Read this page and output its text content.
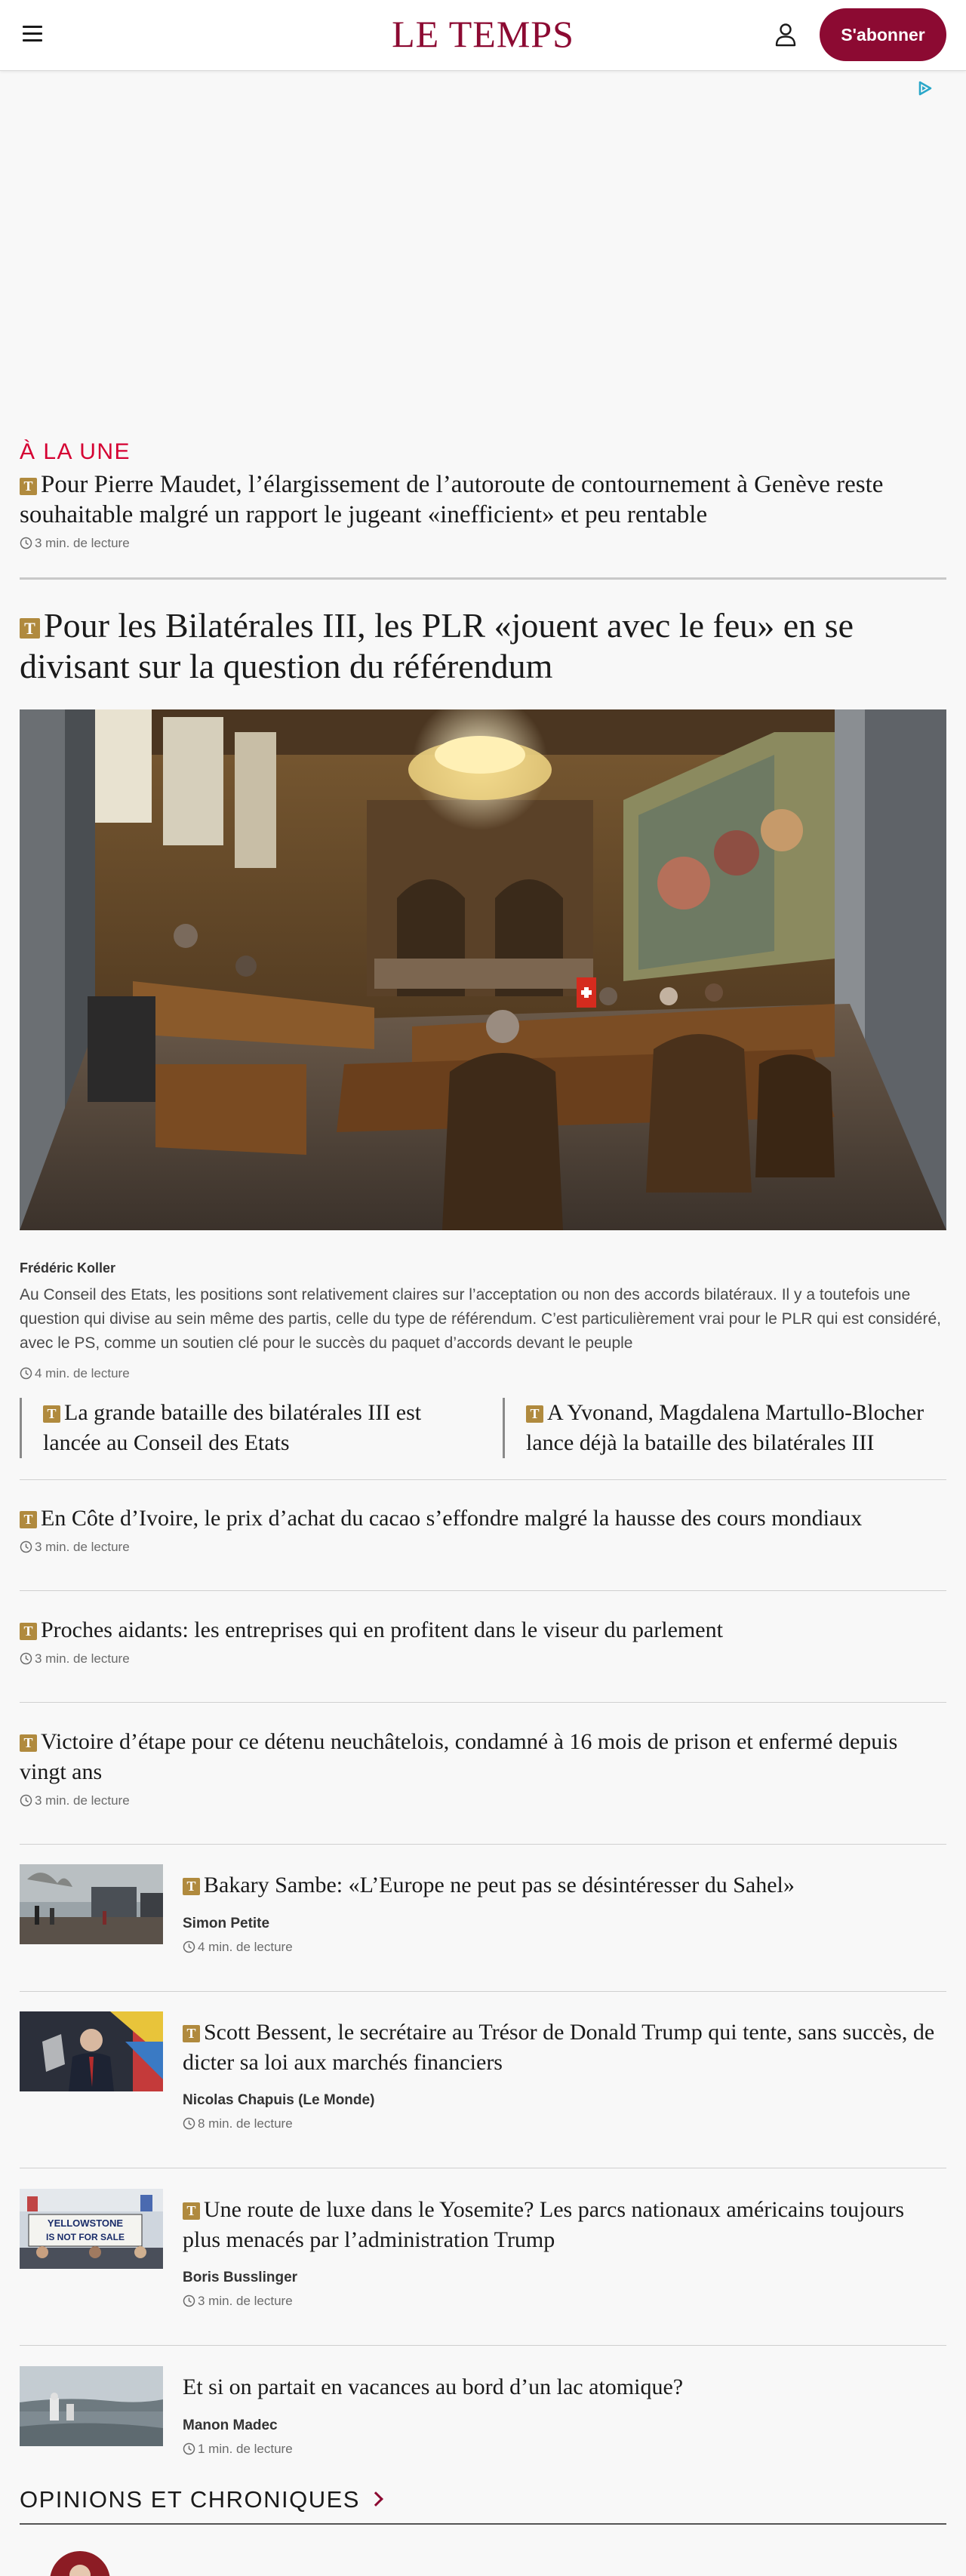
LE TEMPS	S'abonner
À LA UNE
T Pour Pierre Maudet, l’élargissement de l’autoroute de contournement à Genève reste souhaitable malgré un rapport le jugeant «inefficient» et peu rentable
3 min. de lecture
T Pour les Bilatérales III, les PLR «jouent avec le feu» en se divisant sur la question du référendum
Frédéric Koller
Au Conseil des Etats, les positions sont relativement claires sur l’acceptation ou non des accords bilatéraux. Il y a toutefois une question qui divise au sein même des partis, celle du type de référendum. C’est particulièrement vrai pour le PLR qui est considéré, avec le PS, comme un soutien clé pour le succès du paquet d’accords devant le peuple
4 min. de lecture
T La grande bataille des bilatérales III est lancée au Conseil des Etats
T A Yvonand, Magdalena Martullo-Blocher lance déjà la bataille des bilatérales III
T En Côte d’Ivoire, le prix d’achat du cacao s’effondre malgré la hausse des cours mondiaux
3 min. de lecture
T Proches aidants: les entreprises qui en profitent dans le viseur du parlement
3 min. de lecture
T Victoire d’étape pour ce détenu neuchâtelois, condamné à 16 mois de prison et enfermé depuis vingt ans
3 min. de lecture
T Bakary Sambe: «L’Europe ne peut pas se désintéresser du Sahel»
Simon Petite
4 min. de lecture
T Scott Bessent, le secrétaire au Trésor de Donald Trump qui tente, sans succès, de dicter sa loi aux marchés financiers
Nicolas Chapuis (Le Monde)
8 min. de lecture
YELLOWSTONE
IS NOT FOR SALE
T Une route de luxe dans le Yosemite? Les parcs nationaux américains toujours plus menacés par l’administration Trump
Boris Busslinger
3 min. de lecture
Et si on partait en vacances au bord d’un lac atomique?
Manon Madec
1 min. de lecture
OPINIONS ET CHRONIQUES
